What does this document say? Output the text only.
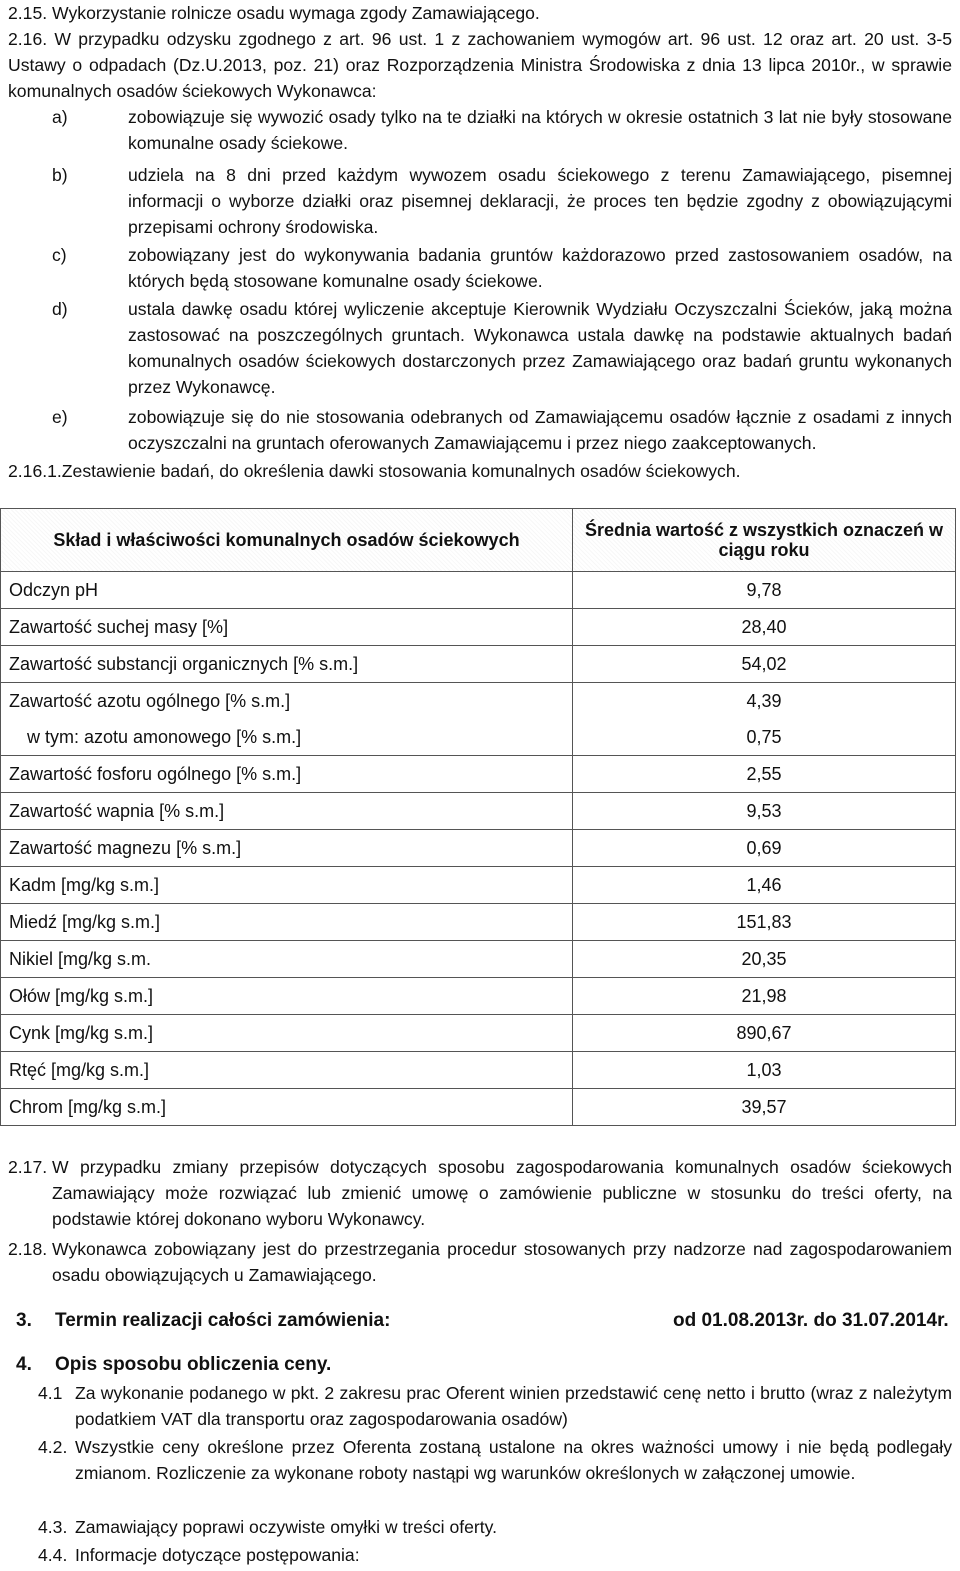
2.15. Wykorzystanie rolnicze osadu wymaga zgody Zamawiającego.
2.16. W przypadku odzysku zgodnego z art. 96 ust. 1 z zachowaniem wymogów art. 96 ust. 12 oraz art. 20 ust. 3-5 Ustawy o odpadach (Dz.U.2013, poz. 21) oraz Rozporządzenia Ministra Środowiska z dnia 13 lipca 2010r., w sprawie komunalnych osadów ściekowych Wykonawca:
a)	zobowiązuje się wywozić osady tylko na te działki na których w okresie ostatnich 3 lat nie były stosowane komunalne osady ściekowe.
b)	udziela na 8 dni przed każdym wywozem osadu ściekowego z terenu Zamawiającego, pisemnej informacji o wyborze działki oraz pisemnej deklaracji, że proces ten będzie zgodny z obowiązującymi przepisami ochrony środowiska.
c)	zobowiązany jest do wykonywania badania gruntów każdorazowo przed zastosowaniem osadów, na których będą stosowane komunalne osady ściekowe.
d)	ustala dawkę osadu której wyliczenie akceptuje Kierownik Wydziału Oczyszczalni Ścieków, jaką można zastosować na poszczególnych gruntach. Wykonawca ustala dawkę na podstawie aktualnych badań komunalnych osadów ściekowych dostarczonych przez Zamawiającego oraz badań gruntu wykonanych przez Wykonawcę.
e)	zobowiązuje się do nie stosowania odebranych od Zamawiającemu osadów łącznie z osadami z innych oczyszczalni na gruntach oferowanych Zamawiającemu i przez niego zaakceptowanych.
2.16.1.Zestawienie badań, do określenia dawki stosowania komunalnych osadów ściekowych.
Skład i właściwości komunalnych osadów ściekowych	Średnia wartość z wszystkich oznaczeń w ciągu roku
Odczyn pH	9,78
Zawartość suchej masy [%]	28,40
Zawartość substancji organicznych [% s.m.]	54,02
Zawartość azotu ogólnego [% s.m.]	4,39
w tym: azotu amonowego [% s.m.]	0,75
Zawartość fosforu ogólnego [% s.m.]	2,55
Zawartość wapnia [% s.m.]	9,53
Zawartość magnezu [% s.m.]	0,69
Kadm [mg/kg s.m.]	1,46
Miedź [mg/kg s.m.]	151,83
Nikiel [mg/kg s.m.	20,35
Ołów [mg/kg s.m.]	21,98
Cynk [mg/kg s.m.]	890,67
Rtęć [mg/kg s.m.]	1,03
Chrom [mg/kg s.m.]	39,57
2.17. W przypadku zmiany przepisów dotyczących sposobu zagospodarowania komunalnych osadów ściekowych Zamawiający może rozwiązać lub zmienić umowę o zamówienie publiczne w stosunku do treści oferty, na podstawie której dokonano wyboru Wykonawcy.
2.18. Wykonawca zobowiązany jest do przestrzegania procedur stosowanych przy nadzorze nad zagospodarowaniem osadu obowiązujących u Zamawiającego.
3. Termin realizacji całości zamówienia:	od 01.08.2013r. do 31.07.2014r.
4. Opis sposobu obliczenia ceny.
4.1 Za wykonanie podanego w pkt. 2 zakresu prac Oferent winien przedstawić cenę netto i brutto (wraz z należytym podatkiem VAT dla transportu oraz zagospodarowania osadów)
4.2. Wszystkie ceny określone przez Oferenta zostaną ustalone na okres ważności umowy i nie będą podlegały zmianom. Rozliczenie za wykonane roboty nastąpi wg warunków określonych w załączonej umowie.
4.3. Zamawiający poprawi oczywiste omyłki w treści oferty.
4.4. Informacje dotyczące postępowania:
